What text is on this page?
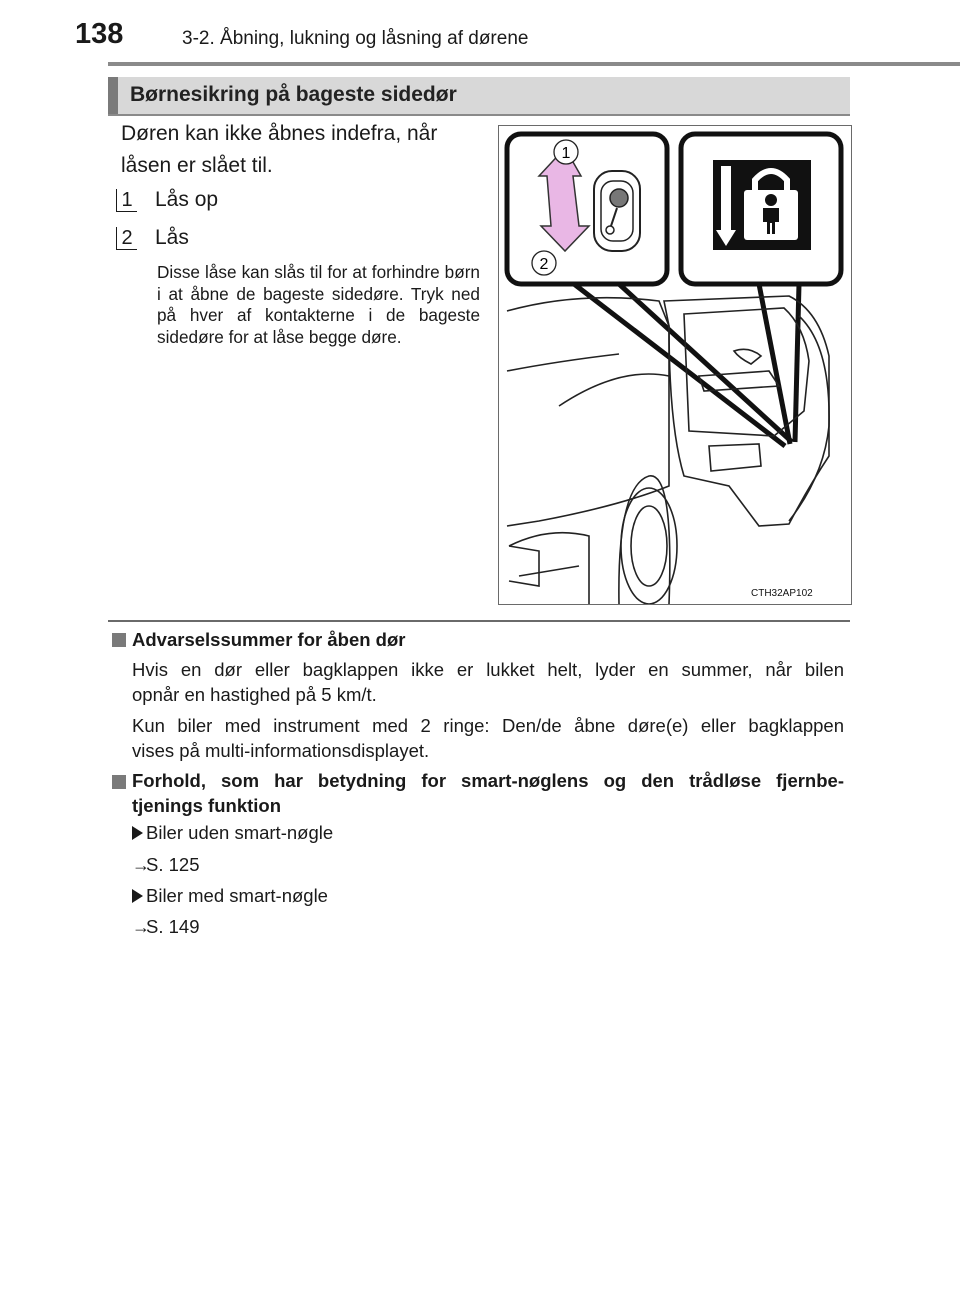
138	3-2. Åbning, lukning og låsning af dørene
Børnesikring på bageste sidedør
Døren kan ikke åbnes indefra, når
låsen er slået til.
1 Lås op
2 Lås
Disse låse kan slås til for at forhindre børn i at åbne de bageste sidedøre. Tryk ned på hver af kontakterne i de bageste sidedøre for at låse begge døre.
1
2
CTH32AP102
Advarselssummer for åben dør
Hvis en dør eller bagklappen ikke er lukket helt, lyder en summer, når bilen
opnår en hastighed på 5 km/t.
Kun biler med instrument med 2 ringe: Den/de åbne døre(e) eller bagklappen
vises på multi-informationsdisplayet.
Forhold, som har betydning for smart-nøglens og den trådløse fjernbe-
tjenings funktion
Biler uden smart-nøgle
→
S. 125
Biler med smart-nøgle
→
S. 149
